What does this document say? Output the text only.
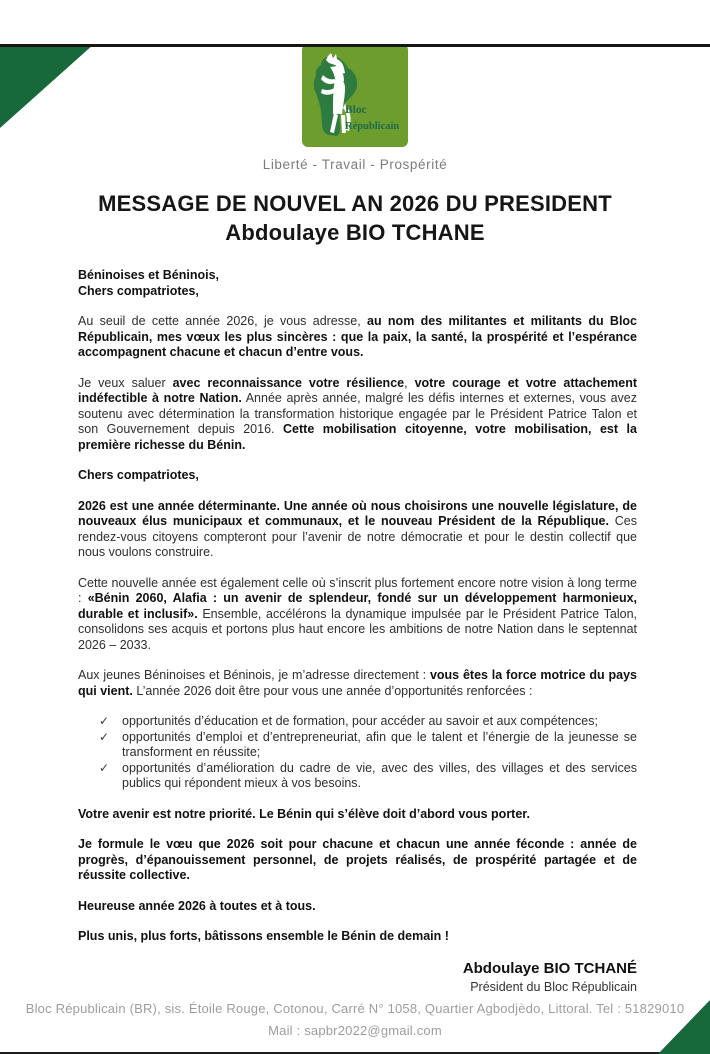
Bloc
Républicain
Liberté - Travail - Prospérité
MESSAGE DE NOUVEL AN 2026 DU PRESIDENT
Abdoulaye BIO TCHANE

Béninoises et Béninois,
Chers compatriotes,

Au seuil de cette année 2026, je vous adresse, au nom des militantes et militants du Bloc Républicain, mes vœux les plus sincères : que la paix, la santé, la prospérité et l’espérance accompagnent chacune et chacun d’entre vous.

Je veux saluer avec reconnaissance votre résilience, votre courage et votre attachement indéfectible à notre Nation. Année après année, malgré les défis internes et externes, vous avez soutenu avec détermination la transformation historique engagée par le Président Patrice Talon et son Gouvernement depuis 2016. Cette mobilisation citoyenne, votre mobilisation, est la première richesse du Bénin.

Chers compatriotes,

2026 est une année déterminante. Une année où nous choisirons une nouvelle législature, de nouveaux élus municipaux et communaux, et le nouveau Président de la République. Ces rendez-vous citoyens compteront pour l’avenir de notre démocratie et pour le destin collectif que nous voulons construire.

Cette nouvelle année est également celle où s’inscrit plus fortement encore notre vision à long terme : «Bénin 2060, Alafia : un avenir de splendeur, fondé sur un développement harmonieux, durable et inclusif». Ensemble, accélérons la dynamique impulsée par le Président Patrice Talon, consolidons ses acquis et portons plus haut encore les ambitions de notre Nation dans le septennat 2026 – 2033.

Aux jeunes Béninoises et Béninois, je m’adresse directement : vous êtes la force motrice du pays qui vient. L’année 2026 doit être pour vous une année d’opportunités renforcées :

✓	opportunités d’éducation et de formation, pour accéder au savoir et aux compétences;
✓	opportunités d’emploi et d’entrepreneuriat, afin que le talent et l’énergie de la jeunesse se transforment en réussite;
✓	opportunités d’amélioration du cadre de vie, avec des villes, des villages et des services publics qui répondent mieux à vos besoins.

Votre avenir est notre priorité. Le Bénin qui s’élève doit d’abord vous porter.

Je formule le vœu que 2026 soit pour chacune et chacun une année féconde : année de progrès, d’épanouissement personnel, de projets réalisés, de prospérité partagée et de réussite collective.

Heureuse année 2026 à toutes et à tous.

Plus unis, plus forts, bâtissons ensemble le Bénin de demain !

Abdoulaye BIO TCHANÉ
Président du Bloc Républicain
Bloc Républicain (BR), sis. Étoile Rouge, Cotonou, Carré N° 1058, Quartier Agbodjèdo, Littoral. Tel : 51829010
Mail : sapbr2022@gmail.com
